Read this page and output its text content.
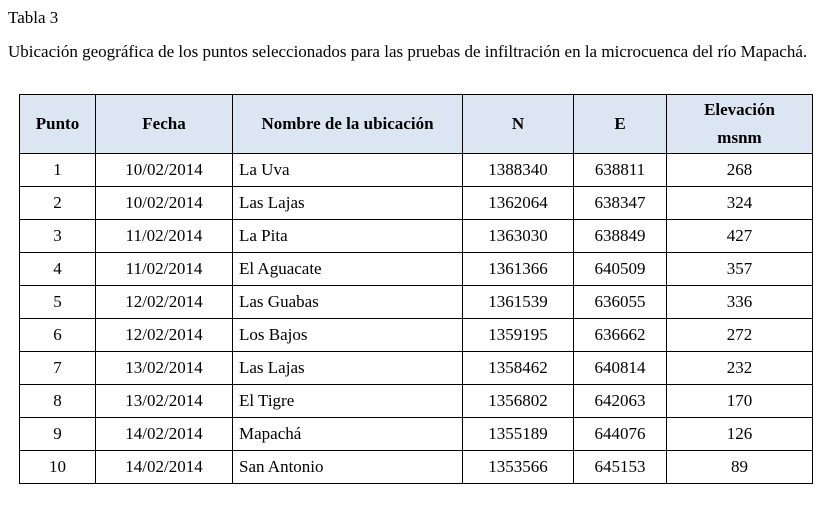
Tabla 3
Ubicación geográfica de los puntos seleccionados para las pruebas de infiltración en la microcuenca del río Mapachá.
Punto	Fecha	Nombre de la ubicación	N	E	Elevación
msnm

1	10/02/2014	La Uva	1388340	638811	268
2	10/02/2014	Las Lajas	1362064	638347	324
3	11/02/2014	La Pita	1363030	638849	427
4	11/02/2014	El Aguacate	1361366	640509	357
5	12/02/2014	Las Guabas	1361539	636055	336
6	12/02/2014	Los Bajos	1359195	636662	272
7	13/02/2014	Las Lajas	1358462	640814	232
8	13/02/2014	El Tigre	1356802	642063	170
9	14/02/2014	Mapachá	1355189	644076	126
10	14/02/2014	San Antonio	1353566	645153	89
